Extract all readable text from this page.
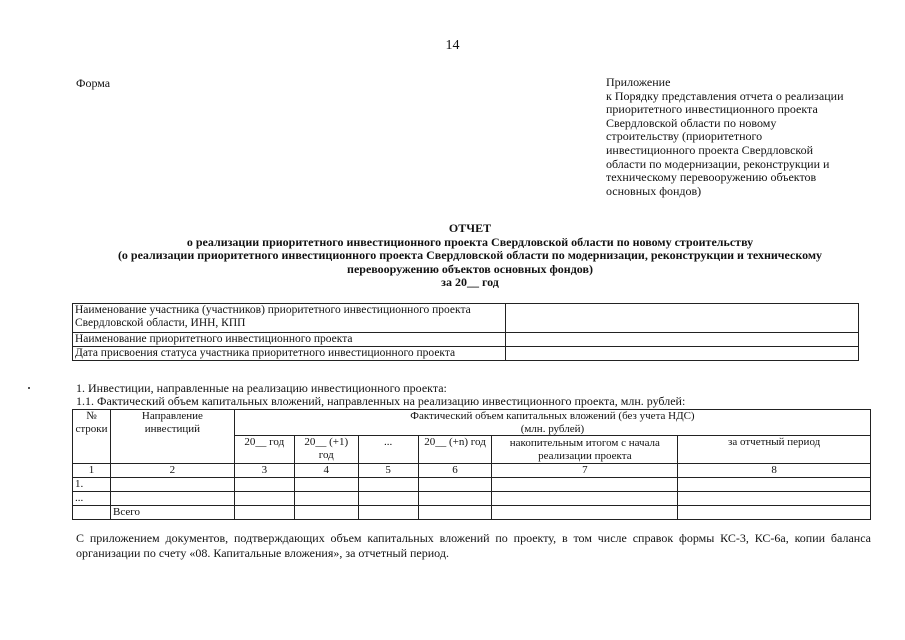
14
Форма	Приложение
к Порядку представления отчета о реализации
приоритетного инвестиционного проекта
Свердловской области по новому
строительству (приоритетного
инвестиционного проекта Свердловской
области по модернизации, реконструкции и
техническому перевооружению объектов
основных фондов)
ОТЧЕТ
о реализации приоритетного инвестиционного проекта Свердловской области по новому строительству
(о реализации приоритетного инвестиционного проекта Свердловской области по модернизации, реконструкции и техническому
перевооружению объектов основных фондов)
за 20__ год
Наименование участника (участников) приоритетного инвестиционного проекта Свердловской области, ИНН, КПП	
Наименование приоритетного инвестиционного проекта	
Дата присвоения статуса участника приоритетного инвестиционного проекта	
1. Инвестиции, направленные на реализацию инвестиционного проекта:
1.1. Фактический объем капитальных вложений, направленных на реализацию инвестиционного проекта, млн. рублей:
№ строки	Направление инвестиций	Фактический объем капитальных вложений (без учета НДС)
(млн. рублей)					

		20__ год	20__ (+1) год	...	20__ (+n) год	накопительным итогом с начала реализации проекта	за отчетный период
1	2	3	4	5	6	7	8
1.							
...							
	Всего						
С приложением документов, подтверждающих объем капитальных вложений по проекту, в том числе справок формы КС-3, КС-6а, копии баланса организации по счету «08. Капитальные вложения», за отчетный период.
